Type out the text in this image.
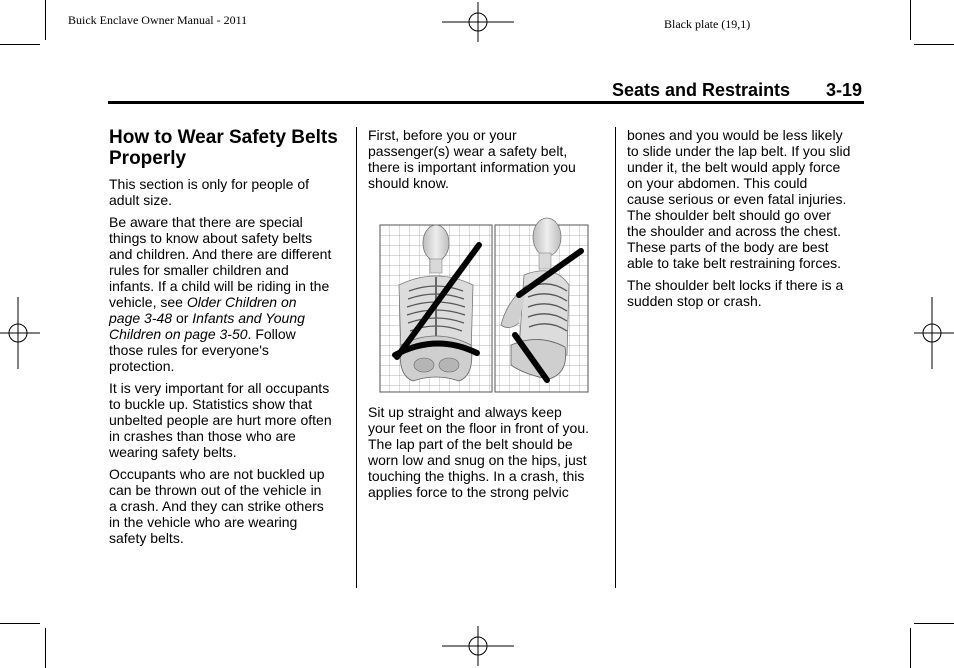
Buick Enclave Owner Manual - 2011	Black plate (19,1)
Seats and Restraints 3-19
How to Wear Safety Belts
Properly

This section is only for people of
adult size.

Be aware that there are special
things to know about safety belts
and children. And there are different
rules for smaller children and
infants. If a child will be riding in the
vehicle, see Older Children on
page 3-48 or Infants and Young
Children on page 3-50. Follow
those rules for everyone's
protection.

It is very important for all occupants
to buckle up. Statistics show that
unbelted people are hurt more often
in crashes than those who are
wearing safety belts.

Occupants who are not buckled up
can be thrown out of the vehicle in
a crash. And they can strike others
in the vehicle who are wearing
safety belts.

First, before you or your
passenger(s) wear a safety belt,
there is important information you
should know.

Sit up straight and always keep
your feet on the floor in front of you.
The lap part of the belt should be
worn low and snug on the hips, just
touching the thighs. In a crash, this
applies force to the strong pelvic

bones and you would be less likely
to slide under the lap belt. If you slid
under it, the belt would apply force
on your abdomen. This could
cause serious or even fatal injuries.
The shoulder belt should go over
the shoulder and across the chest.
These parts of the body are best
able to take belt restraining forces.

The shoulder belt locks if there is a
sudden stop or crash.
